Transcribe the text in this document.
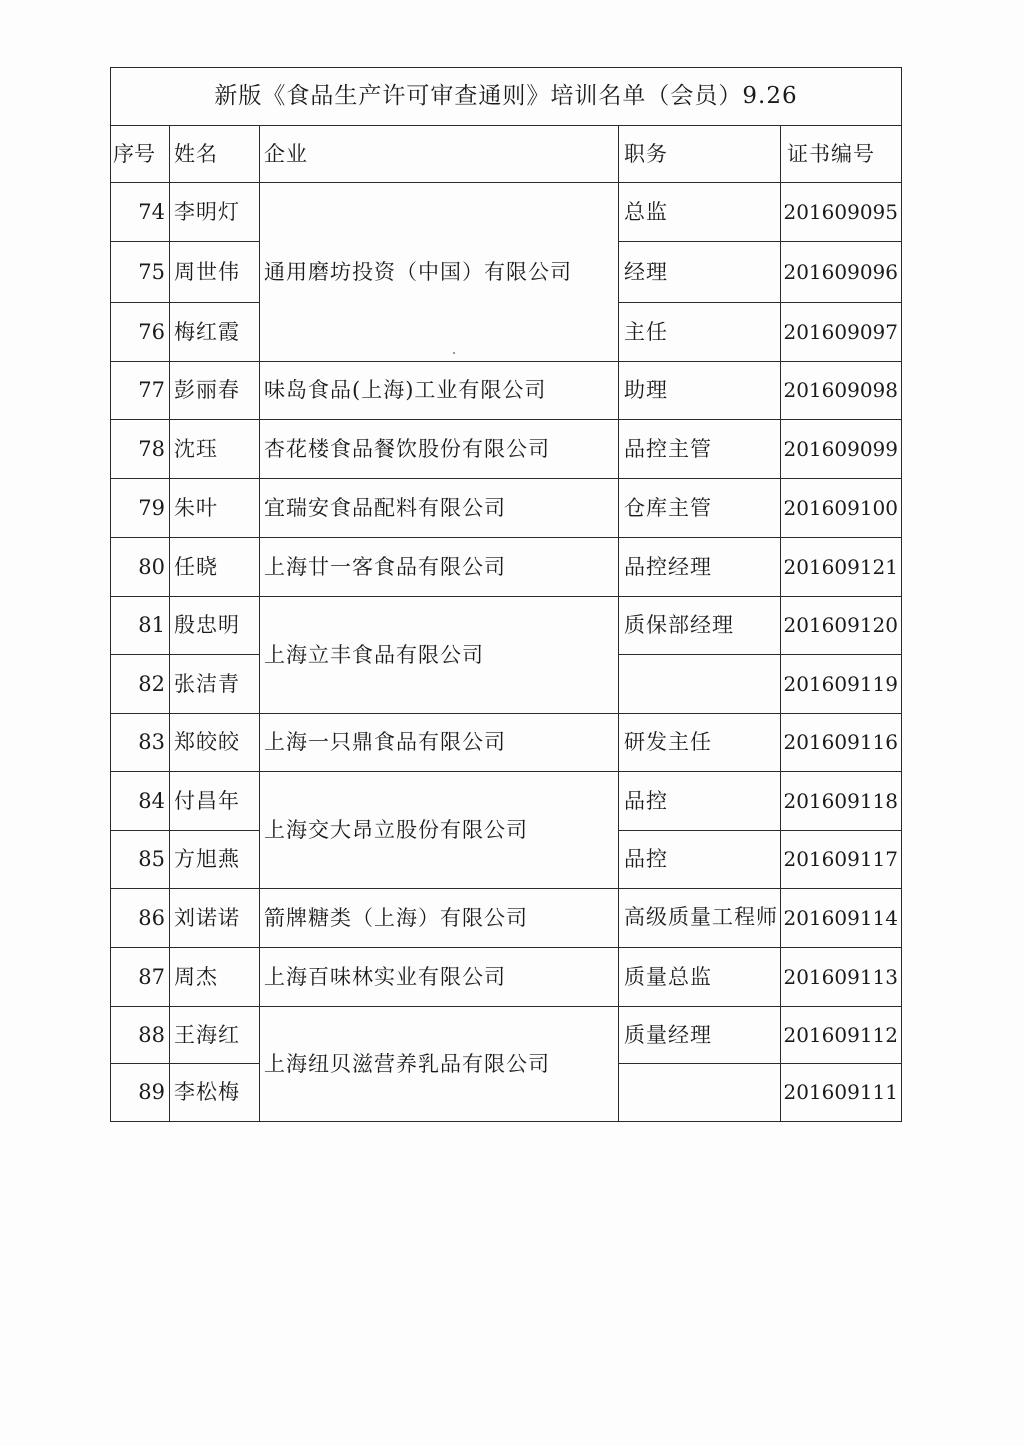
新版《食品生产许可审查通则》培训名单（会员）9.26				
序号	姓名	企业	职务	证书编号
74	李明灯	通用磨坊投资（中国）有限公司	总监	201609095
75	周世伟		经理	201609096
76	梅红霞		主任	201609097
77	彭丽春	味岛食品(上海)工业有限公司	助理	201609098
78	沈珏	杏花楼食品餐饮股份有限公司	品控主管	201609099
79	朱叶	宜瑞安食品配料有限公司	仓库主管	201609100
80	任晓	上海廿一客食品有限公司	品控经理	201609121
81	殷忠明	上海立丰食品有限公司	质保部经理	201609120
82	张洁青			201609119
83	郑皎皎	上海一只鼎食品有限公司	研发主任	201609116
84	付昌年	上海交大昂立股份有限公司	品控	201609118
85	方旭燕		品控	201609117
86	刘诺诺	箭牌糖类（上海）有限公司	高级质量工程师	201609114
87	周杰	上海百味林实业有限公司	质量总监	201609113
88	王海红	上海纽贝滋营养乳品有限公司	质量经理	201609112
89	李松梅			201609111
